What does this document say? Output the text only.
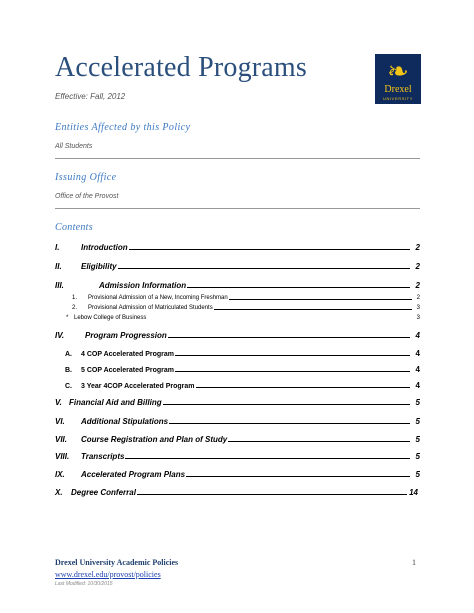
Accelerated Programs
Effective: Fall, 2012
❧
Drexel
UNIVERSITY
Entities Affected by this Policy
All Students
Issuing Office
Office of the Provost
Contents
I.	Introduction	2
II.	Eligibility	2
III.	Admission Information	2
1.	Provisional Admission of a New, Incoming Freshman	2
2.	Provisional Admission of Matriculated Students	3
* Lebow College of Business	3
IV.	Program Progression	4
A.	4 COP Accelerated Program	4
B.	5 COP Accelerated Program	4
C.	3 Year 4COP Accelerated Program	4
V. Financial Aid and Billing	5
VI.	Additional Stipulations	5
VII.	Course Registration and Plan of Study	5
VIII.	Transcripts	5
IX.	Accelerated Program Plans	5
X.	Degree Conferral	14
Drexel University Academic Policies
www.drexel.edu/provost/policies
Last Modified: 10/30/2015
1
